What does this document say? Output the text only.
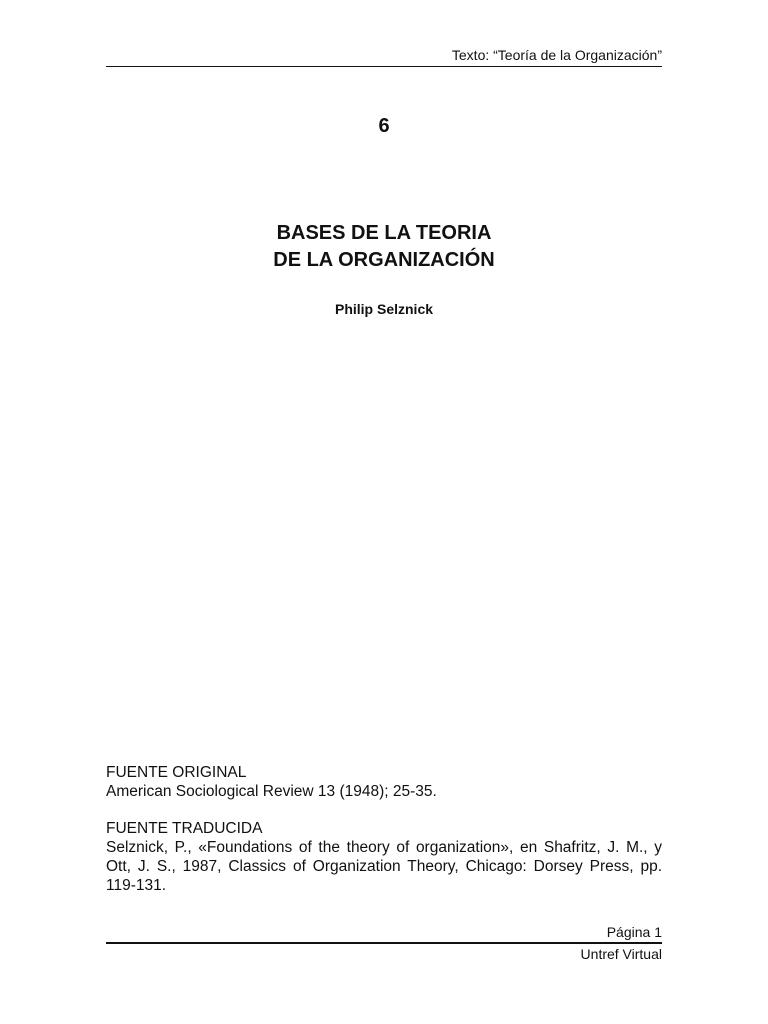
Texto: “Teoría de la Organización”
6
BASES DE LA TEORIA
DE LA ORGANIZACIÓN
Philip Selznick

FUENTE ORIGINAL

American Sociological Review 13 (1948); 25-35.

FUENTE TRADUCIDA

Selznick, P., «Foundations of the theory of organization», en Shafritz, J. M., y Ott, J. S., 1987, Classics of Organization Theory, Chicago: Dorsey Press, pp. 119-131.

Página 1
Untref Virtual
